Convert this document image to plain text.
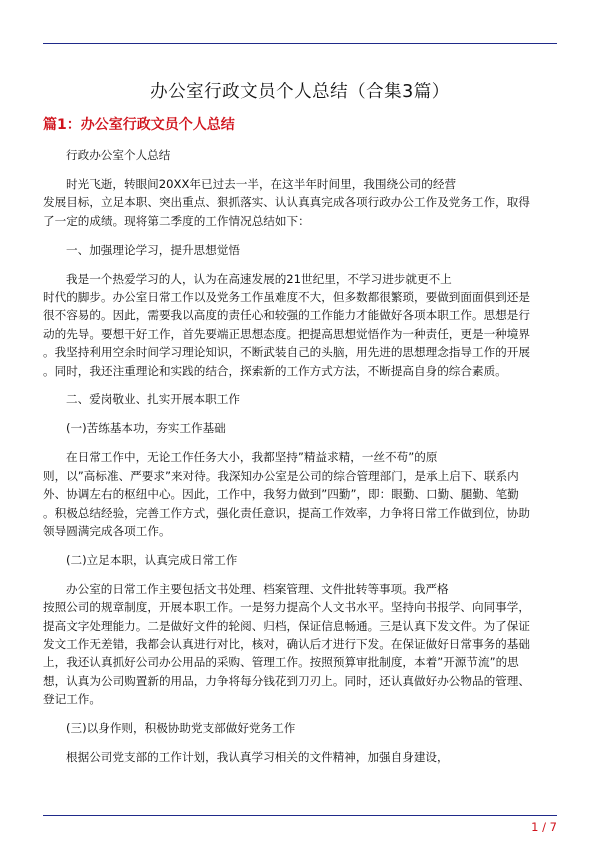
办公室行政文员个人总结（合集3篇）
篇1：办公室行政文员个人总结
行政办公室个人总结
时光飞逝，转眼间20XX年已过去一半，在这半年时间里，我围绕公司的经营
发展目标，立足本职、突出重点、狠抓落实、认认真真完成各项行政办公工作及党务工作，取得
了一定的成绩。现将第二季度的工作情况总结如下：
一、加强理论学习，提升思想觉悟
我是一个热爱学习的人，认为在高速发展的21世纪里，不学习进步就更不上
时代的脚步。办公室日常工作以及党务工作虽难度不大，但多数都很繁琐，要做到面面俱到还是
很不容易的。因此，需要我以高度的责任心和较强的工作能力才能做好各项本职工作。思想是行
动的先导。要想干好工作，首先要端正思想态度。把提高思想觉悟作为一种责任，更是一种境界
。我坚持利用空余时间学习理论知识，不断武装自己的头脑，用先进的思想理念指导工作的开展
。同时，我还注重理论和实践的结合，探索新的工作方式方法，不断提高自身的综合素质。
二、爱岗敬业、扎实开展本职工作
(一)苦练基本功，夯实工作基础
在日常工作中，无论工作任务大小，我都坚持”精益求精，一丝不苟”的原
则，以”高标准、严要求”来对待。我深知办公室是公司的综合管理部门，是承上启下、联系内
外、协调左右的枢纽中心。因此，工作中，我努力做到”四勤”，即：眼勤、口勤、腿勤、笔勤
。积极总结经验，完善工作方式，强化责任意识，提高工作效率，力争将日常工作做到位，协助
领导圆满完成各项工作。
(二)立足本职，认真完成日常工作
办公室的日常工作主要包括文书处理、档案管理、文件批转等事项。我严格
按照公司的规章制度，开展本职工作。一是努力提高个人文书水平。坚持向书报学、向同事学，
提高文字处理能力。二是做好文件的轮阅、归档，保证信息畅通。三是认真下发文件。为了保证
发文工作无差错，我都会认真进行对比，核对，确认后才进行下发。在保证做好日常事务的基础
上，我还认真抓好公司办公用品的采购、管理工作。按照预算审批制度，本着”开源节流”的思
想，认真为公司购置新的用品，力争将每分钱花到刀刃上。同时，还认真做好办公物品的管理、
登记工作。
(三)以身作则，积极协助党支部做好党务工作
根据公司党支部的工作计划，我认真学习相关的文件精神，加强自身建设，
1 / 7
